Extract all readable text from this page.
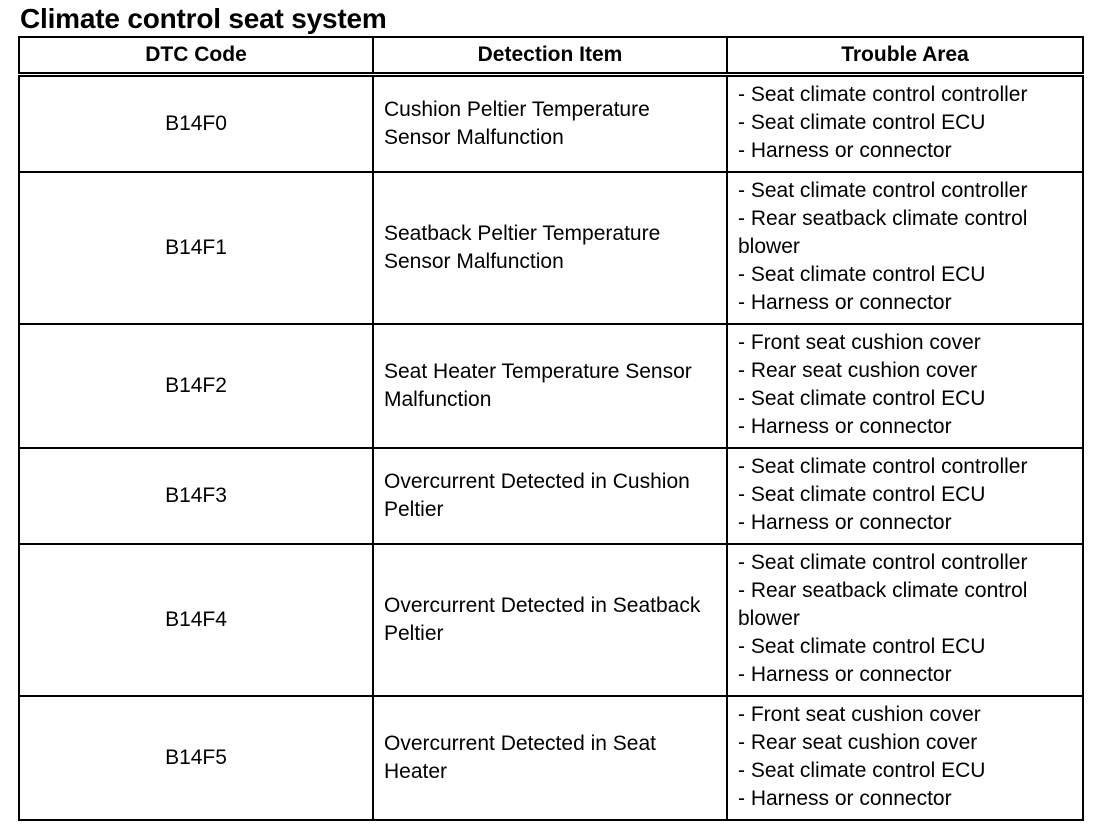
Climate control seat system
DTC Code	Detection Item	Trouble Area
B14F0	Cushion Peltier Temperature Sensor Malfunction	- Seat climate control controller
- Seat climate control ECU
- Harness or connector

B14F1	Seatback Peltier Temperature Sensor Malfunction	- Seat climate control controller
- Rear seatback climate control blower
- Seat climate control ECU
- Harness or connector

B14F2	Seat Heater Temperature Sensor Malfunction	- Front seat cushion cover
- Rear seat cushion cover
- Seat climate control ECU
- Harness or connector

B14F3	Overcurrent Detected in Cushion Peltier	- Seat climate control controller
- Seat climate control ECU
- Harness or connector

B14F4	Overcurrent Detected in Seatback Peltier	- Seat climate control controller
- Rear seatback climate control blower
- Seat climate control ECU
- Harness or connector

B14F5	Overcurrent Detected in Seat Heater	- Front seat cushion cover
- Rear seat cushion cover
- Seat climate control ECU
- Harness or connector
